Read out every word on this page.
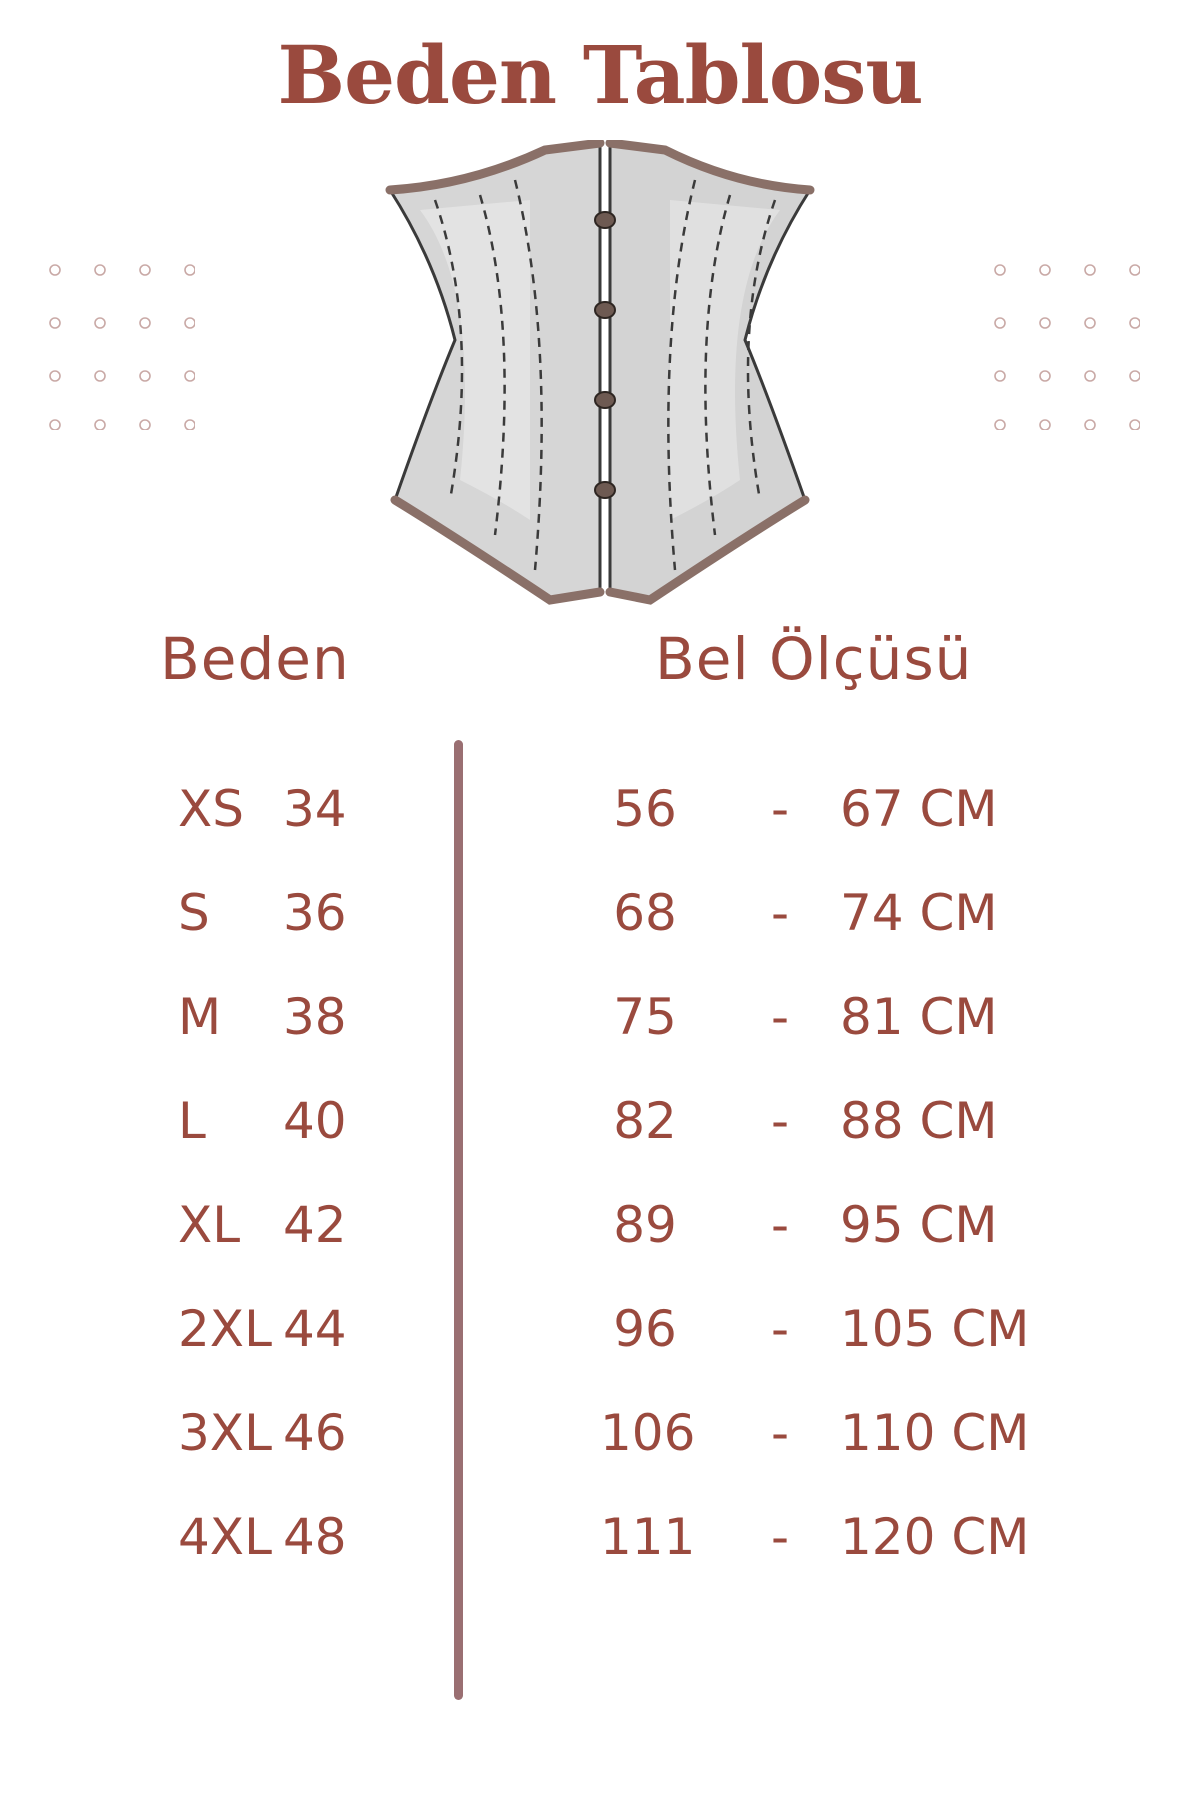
Beden Tablosu
Beden	Bel Ölçüsü
XS 34	56 - 67 CM
S 36	68 - 74 CM
M 38	75 - 81 CM
L 40	82 - 88 CM
XL 42	89 - 95 CM
2XL 44	96 - 105 CM
3XL 46	106 - 110 CM
4XL 48	111 - 120 CM
